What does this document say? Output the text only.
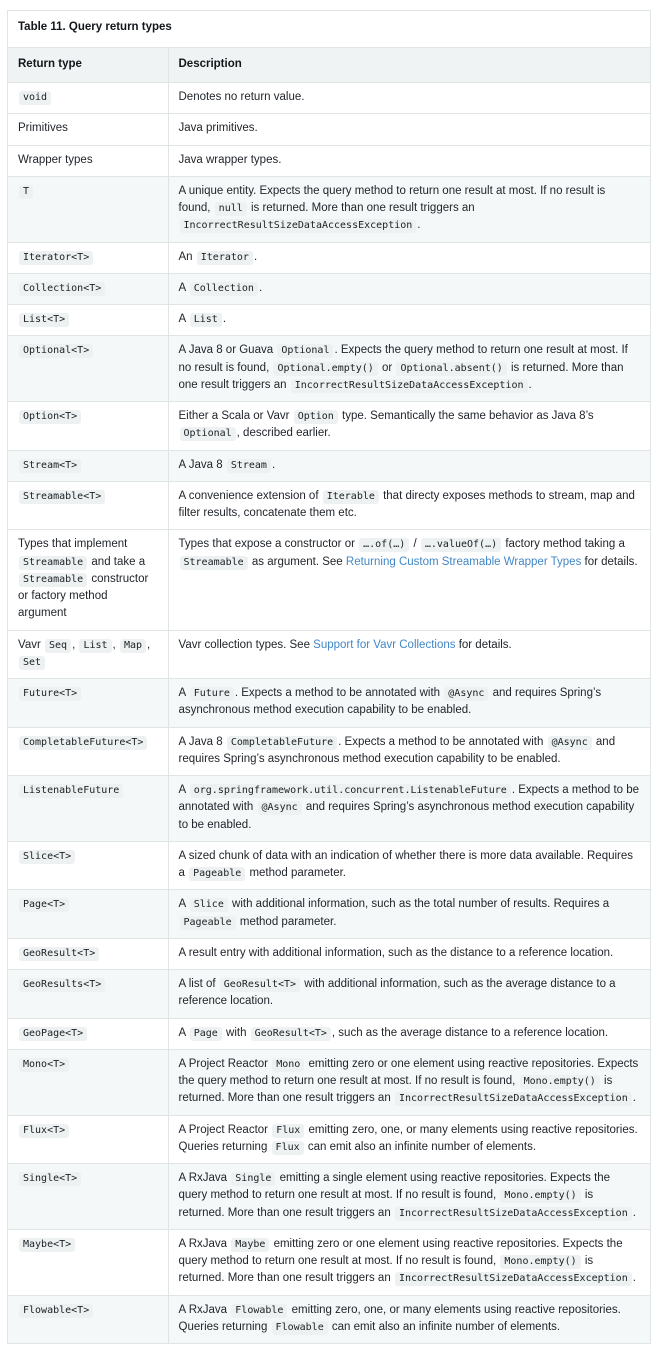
Table 11. Query return types
Return type	Description
void	Denotes no return value.
Primitives	Java primitives.
Wrapper types	Java wrapper types.
T	A unique entity. Expects the query method to return one result at most. If no result is found, null is returned. More than one result triggers an IncorrectResultSizeDataAccessException .
Iterator<T>	An Iterator .
Collection<T>	A Collection .
List<T>	A List .
Optional<T>	A Java 8 or Guava Optional . Expects the query method to return one result at most. If no result is found, Optional.empty() or Optional.absent() is returned. More than one result triggers an IncorrectResultSizeDataAccessException .
Option<T>	Either a Scala or Vavr Option type. Semantically the same behavior as Java 8’s Optional , described earlier.
Stream<T>	A Java 8 Stream .
Streamable<T>	A convenience extension of Iterable that directy exposes methods to stream, map and filter results, concatenate them etc.
Types that implement Streamable and take a Streamable constructor or factory method argument	Types that expose a constructor or ….of(…) / ….valueOf(…) factory method taking a Streamable as argument. See Returning Custom Streamable Wrapper Types for details.
Vavr Seq , List , Map , Set	Vavr collection types. See Support for Vavr Collections for details.
Future<T>	A Future . Expects a method to be annotated with @Async and requires Spring’s asynchronous method execution capability to be enabled.
CompletableFuture<T>	A Java 8 CompletableFuture . Expects a method to be annotated with @Async and requires Spring’s asynchronous method execution capability to be enabled.
ListenableFuture	A org.springframework.util.concurrent.ListenableFuture . Expects a method to be annotated with @Async and requires Spring’s asynchronous method execution capability to be enabled.
Slice<T>	A sized chunk of data with an indication of whether there is more data available. Requires a Pageable method parameter.
Page<T>	A Slice with additional information, such as the total number of results. Requires a Pageable method parameter.
GeoResult<T>	A result entry with additional information, such as the distance to a reference location.
GeoResults<T>	A list of GeoResult<T> with additional information, such as the average distance to a reference location.
GeoPage<T>	A Page with GeoResult<T> , such as the average distance to a reference location.
Mono<T>	A Project Reactor Mono emitting zero or one element using reactive repositories. Expects the query method to return one result at most. If no result is found, Mono.empty() is returned. More than one result triggers an IncorrectResultSizeDataAccessException .
Flux<T>	A Project Reactor Flux emitting zero, one, or many elements using reactive repositories. Queries returning Flux can emit also an infinite number of elements.
Single<T>	A RxJava Single emitting a single element using reactive repositories. Expects the query method to return one result at most. If no result is found, Mono.empty() is returned. More than one result triggers an IncorrectResultSizeDataAccessException .
Maybe<T>	A RxJava Maybe emitting zero or one element using reactive repositories. Expects the query method to return one result at most. If no result is found, Mono.empty() is returned. More than one result triggers an IncorrectResultSizeDataAccessException .
Flowable<T>	A RxJava Flowable emitting zero, one, or many elements using reactive repositories. Queries returning Flowable can emit also an infinite number of elements.
